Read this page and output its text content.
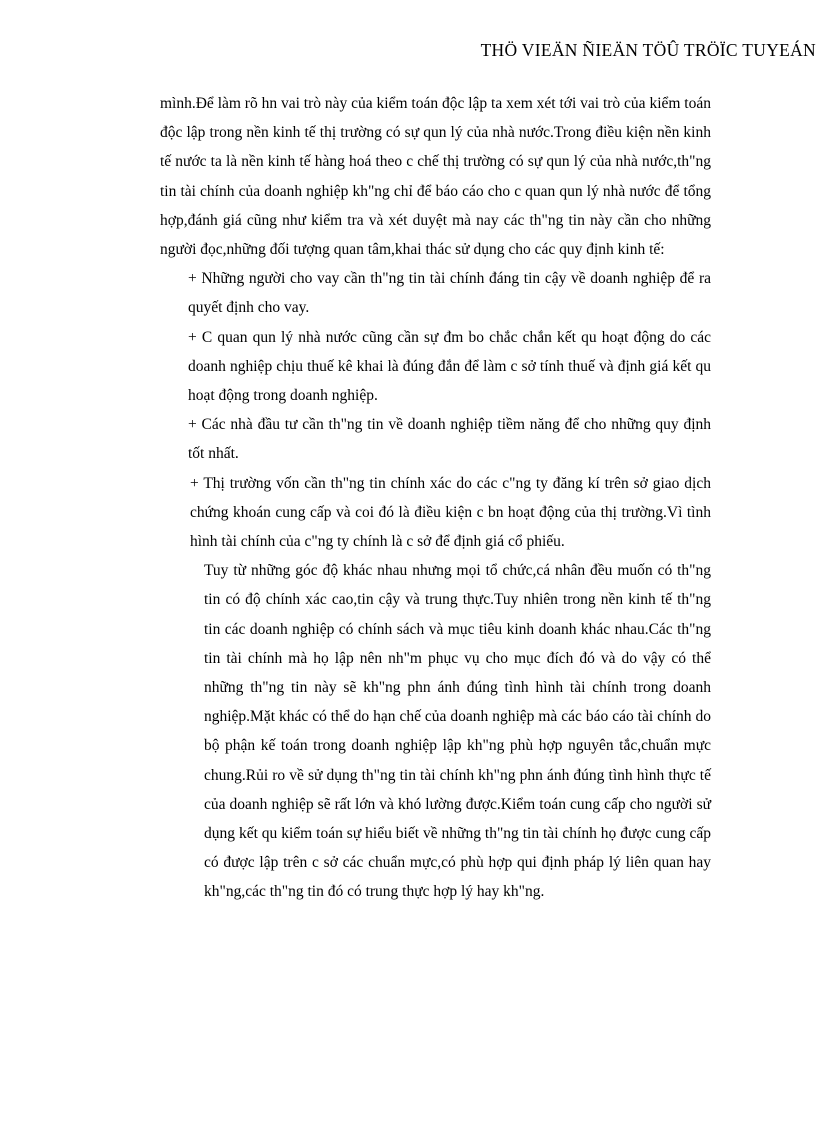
THÖ VIEÄN ÑIEÄN TÖÛ TRÖÏC TUYEÁN

mình.Để làm rõ hn vai trò này của kiểm toán độc lập ta xem xét tới vai trò của kiểm toán độc lập trong nền kinh tế thị trường có sự qun lý của nhà nước.Trong điều kiện nền kinh tế nước ta là nền kinh tế hàng hoá theo c chế thị trường có sự qun lý của nhà nước,th"ng tin tài chính của doanh nghiệp kh"ng chỉ để báo cáo cho c quan qun lý nhà nước để tổng hợp,đánh giá cũng như kiểm tra và xét duyệt mà nay các th"ng tin này cần cho những người đọc,những đối tượng quan tâm,khai thác sử dụng cho các quy định kinh tế:

+ Những người cho vay cần th"ng tin tài chính đáng tin cậy về doanh nghiệp để ra quyết định cho vay.

+ C quan qun lý nhà nước cũng cần sự đm bo chắc chắn kết qu hoạt động do các doanh nghiệp chịu thuế kê khai là đúng đắn để làm c sở tính thuế và định giá kết qu hoạt động trong doanh nghiệp.

+ Các nhà đầu tư cần th"ng tin về doanh nghiệp tiềm năng để cho những quy định tốt nhất.

+ Thị trường vốn cần th"ng tin chính xác do các c"ng ty đăng kí trên sở giao dịch chứng khoán cung cấp và coi đó là điều kiện c bn hoạt động của thị trường.Vì tình hình tài chính của c"ng ty chính là c sở để định giá cổ phiếu.

Tuy từ những góc độ khác nhau nhưng mọi tổ chức,cá nhân đều muốn có th"ng tin có độ chính xác cao,tin cậy và trung thực.Tuy nhiên trong nền kinh tế th"ng tin các doanh nghiệp có chính sách và mục tiêu kinh doanh khác nhau.Các th"ng tin tài chính mà họ lập nên nh"m phục vụ cho mục đích đó và do vậy có thể những th"ng tin này sẽ kh"ng phn ánh đúng tình hình tài chính trong doanh nghiệp.Mặt khác có thể do hạn chế của doanh nghiệp mà các báo cáo tài chính do bộ phận kế toán trong doanh nghiệp lập kh"ng phù hợp nguyên tắc,chuẩn mực chung.Rủi ro về sử dụng th"ng tin tài chính kh"ng phn ánh đúng tình hình thực tế của doanh nghiệp sẽ rất lớn và khó lường được.Kiểm toán cung cấp cho người sử dụng kết qu kiểm toán sự hiểu biết về những th"ng tin tài chính họ được cung cấp có được lập trên c sở các chuẩn mực,có phù hợp qui định pháp lý liên quan hay kh"ng,các th"ng tin đó có trung thực hợp lý hay kh"ng.
